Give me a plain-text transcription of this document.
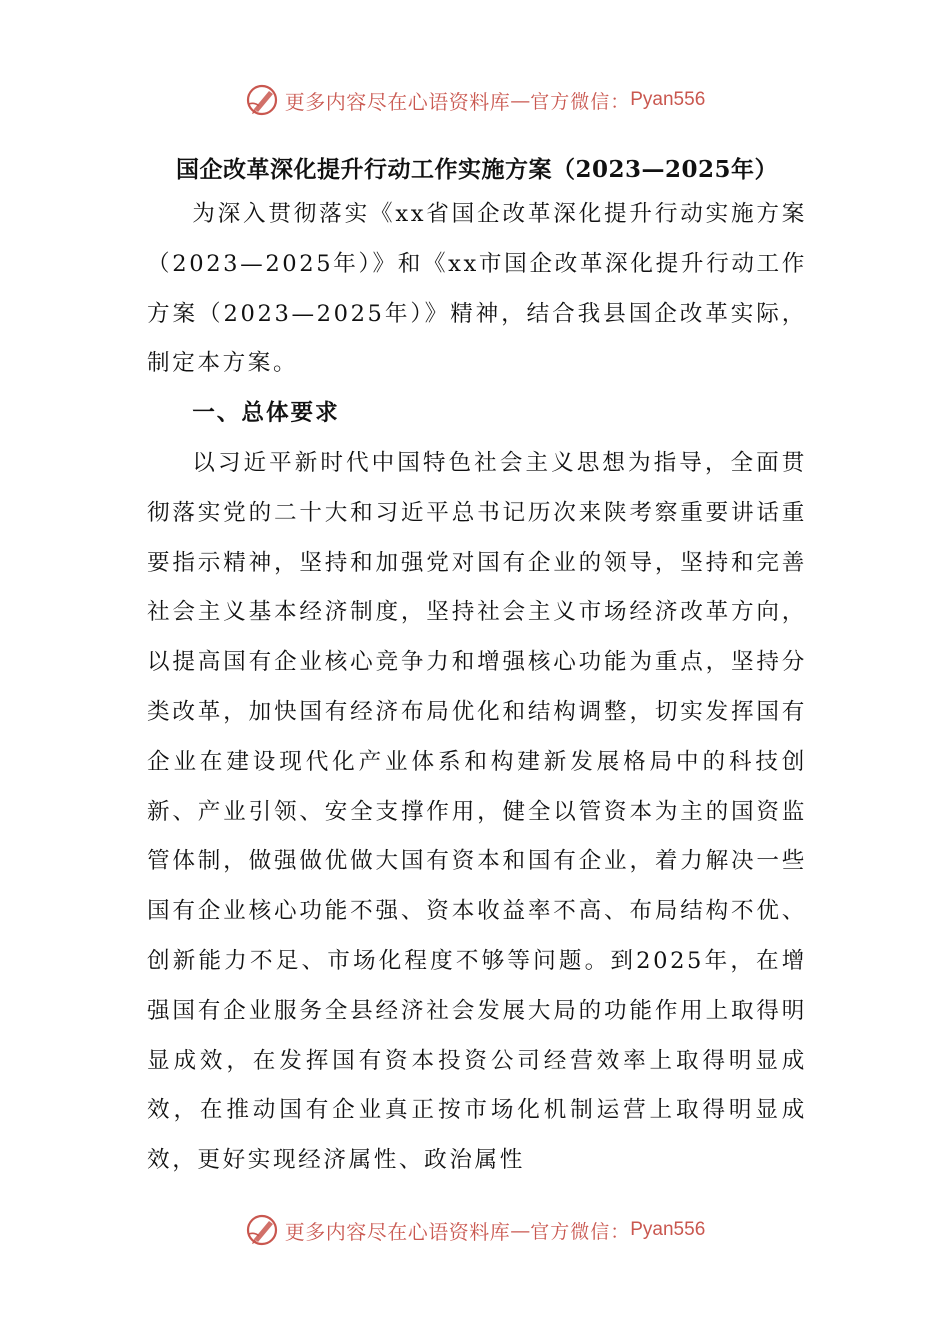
更多内容尽在心语资料库 — 官方微信： Pyan556
国企改革深化提升行动工作实施方案（2023—2025年）

为深入贯彻落实《xx省国企改革深化提升行动实施方案（2023—2025年）》和《xx市国企改革深化提升行动工作方案（2023—2025年）》精神，结合我县国企改革实际，制定本方案。

一、总体要求

以习近平新时代中国特色社会主义思想为指导，全面贯彻落实党的二十大和习近平总书记历次来陕考察重要讲话重要指示精神，坚持和加强党对国有企业的领导，坚持和完善社会主义基本经济制度，坚持社会主义市场经济改革方向，以提高国有企业核心竞争力和增强核心功能为重点，坚持分类改革，加快国有经济布局优化和结构调整，切实发挥国有企业在建设现代化产业体系和构建新发展格局中的科技创新、产业引领、安全支撑作用，健全以管资本为主的国资监管体制，做强做优做大国有资本和国有企业，着力解决一些国有企业核心功能不强、资本收益率不高、布局结构不优、创新能力不足、市场化程度不够等问题。到2025年，在增强国有企业服务全县经济社会发展大局的功能作用上取得明显成效，在发挥国有资本投资公司经营效率上取得明显成效，在推动国有企业真正按市场化机制运营上取得明显成效，更好实现经济属性、政治属性

更多内容尽在心语资料库 — 官方微信： Pyan556
